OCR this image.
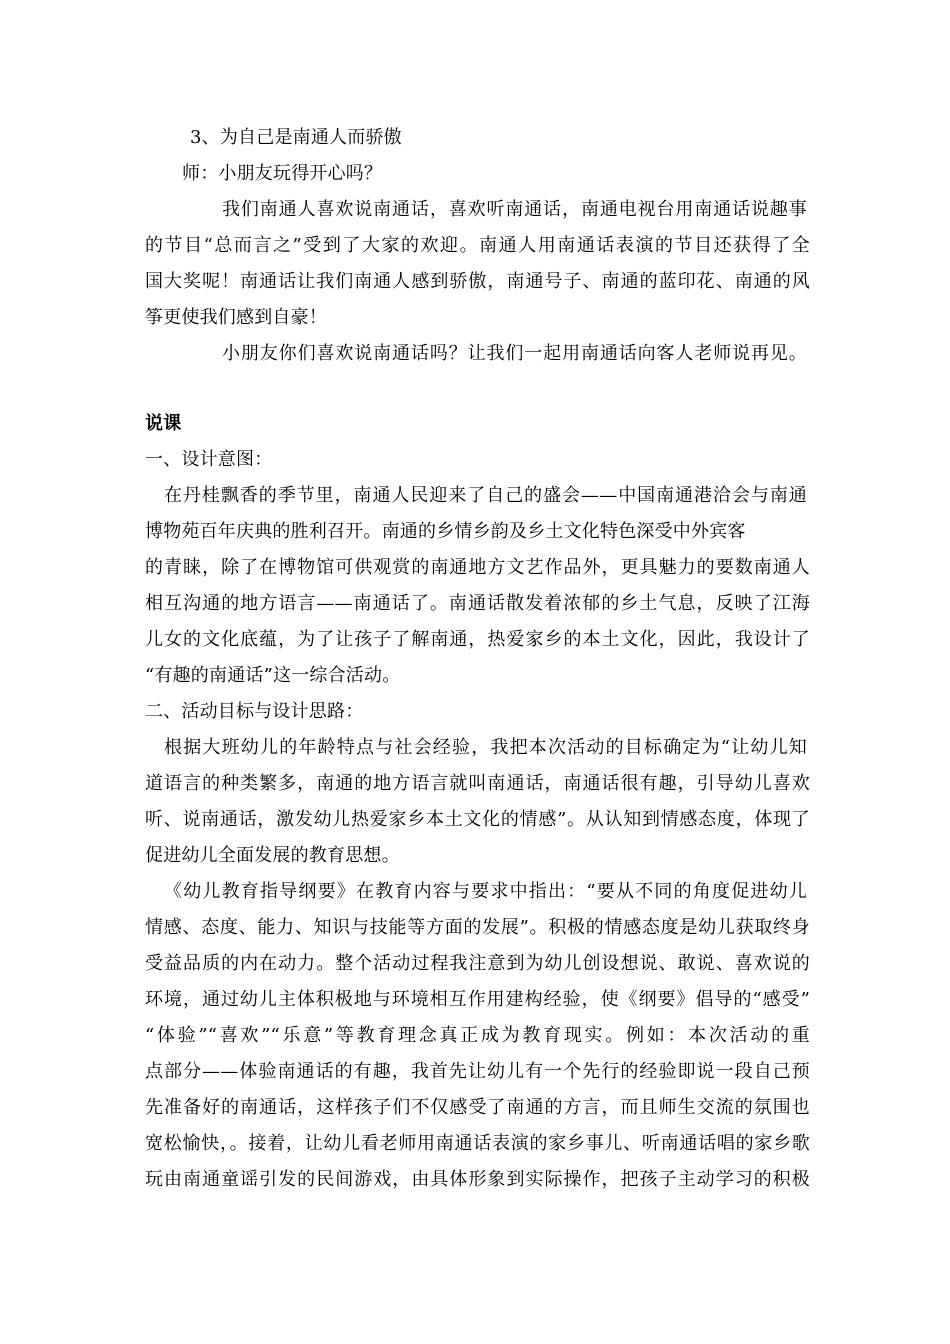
3、为自己是南通人而骄傲
师：小朋友玩得开心吗？
我们南通人喜欢说南通话，喜欢听南通话，南通电视台用南通话说趣事
的节目“总而言之”受到了大家的欢迎。南通人用南通话表演的节目还获得了全
国大奖呢！南通话让我们南通人感到骄傲，南通号子、南通的蓝印花、南通的风
筝更使我们感到自豪！
小朋友你们喜欢说南通话吗？让我们一起用南通话向客人老师说再见。
说课
一、设计意图：
在丹桂飘香的季节里，南通人民迎来了自己的盛会——中国南通港洽会与南通
博物苑百年庆典的胜利召开。南通的乡情乡韵及乡土文化特色深受中外宾客
的青睐，除了在博物馆可供观赏的南通地方文艺作品外，更具魅力的要数南通人
相互沟通的地方语言——南通话了。南通话散发着浓郁的乡土气息，反映了江海
儿女的文化底蕴，为了让孩子了解南通，热爱家乡的本土文化，因此，我设计了
“有趣的南通话”这一综合活动。
二、活动目标与设计思路：
根据大班幼儿的年龄特点与社会经验，我把本次活动的目标确定为“让幼儿知
道语言的种类繁多，南通的地方语言就叫南通话，南通话很有趣，引导幼儿喜欢
听、说南通话，激发幼儿热爱家乡本土文化的情感”。从认知到情感态度，体现了
促进幼儿全面发展的教育思想。
《幼儿教育指导纲要》在教育内容与要求中指出：“要从不同的角度促进幼儿
情感、态度、能力、知识与技能等方面的发展”。积极的情感态度是幼儿获取终身
受益品质的内在动力。整个活动过程我注意到为幼儿创设想说、敢说、喜欢说的
环境，通过幼儿主体积极地与环境相互作用建构经验，使《纲要》倡导的“感受”
“体验”“喜欢”“乐意”等教育理念真正成为教育现实。例如：本次活动的重
点部分——体验南通话的有趣，我首先让幼儿有一个先行的经验即说一段自己预
先准备好的南通话，这样孩子们不仅感受了南通的方言，而且师生交流的氛围也
宽松愉快，。接着，让幼儿看老师用南通话表演的家乡事儿、听南通话唱的家乡歌
玩由南通童谣引发的民间游戏，由具体形象到实际操作，把孩子主动学习的积极
